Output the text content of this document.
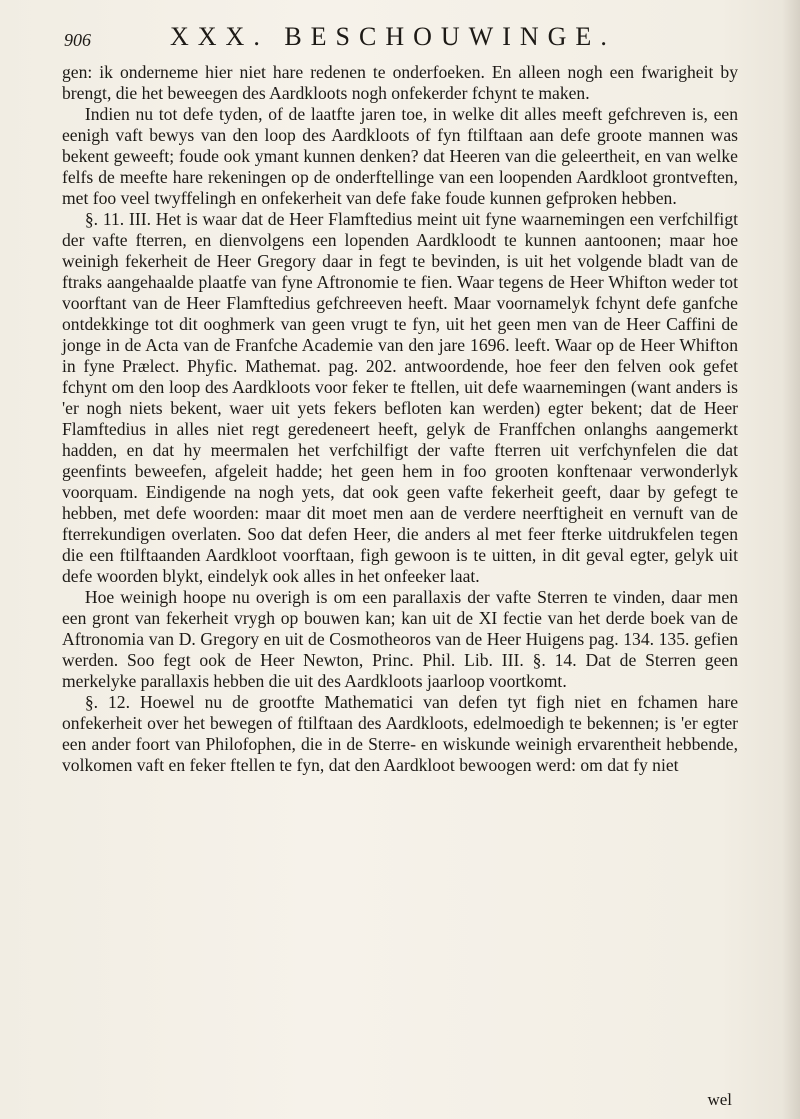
906	XXX. BESCHOUWINGE.

gen: ik onderneme hier niet hare redenen te onderfoeken. En alleen nogh een fwarigheit by brengt, die het beweegen des Aardkloots nogh onfekerder fchynt te maken.

Indien nu tot defe tyden, of de laatfte jaren toe, in welke dit alles meeft gefchreven is, een eenigh vaft bewys van den loop des Aardkloots of fyn ftilftaan aan defe groote mannen was bekent geweeft; foude ook ymant kunnen denken? dat Heeren van die geleertheit, en van welke felfs de meefte hare rekeningen op de onderftellinge van een loopenden Aardkloot grontveften, met foo veel twyffelingh en onfekerheit van defe fake foude kunnen gefproken hebben.

§. 11. III. Het is waar dat de Heer Flamftedius meint uit fyne waarnemingen een verfchilfigt der vafte fterren, en dienvolgens een lopenden Aardkloodt te kunnen aantoonen; maar hoe weinigh fekerheit de Heer Gregory daar in fegt te bevinden, is uit het volgende bladt van de ftraks aangehaalde plaatfe van fyne Aftronomie te fien. Waar tegens de Heer Whifton weder tot voorftant van de Heer Flamftedius gefchreeven heeft. Maar voornamelyk fchynt defe ganfche ontdekkinge tot dit ooghmerk van geen vrugt te fyn, uit het geen men van de Heer Caffini de jonge in de Acta van de Franfche Academie van den jare 1696. leeft. Waar op de Heer Whifton in fyne Prælect. Phyfic. Mathemat. pag. 202. antwoordende, hoe feer den felven ook gefet fchynt om den loop des Aardkloots voor feker te ftellen, uit defe waarnemingen (want anders is 'er nogh niets bekent, waer uit yets fekers befloten kan werden) egter bekent; dat de Heer Flamftedius in alles niet regt geredeneert heeft, gelyk de Franffchen onlanghs aangemerkt hadden, en dat hy meermalen het verfchilfigt der vafte fterren uit verfchynfelen die dat geenfints beweefen, afgeleit hadde; het geen hem in foo grooten konftenaar verwonderlyk voorquam. Eindigende na nogh yets, dat ook geen vafte fekerheit geeft, daar by gefegt te hebben, met defe woorden: maar dit moet men aan de verdere neerftigheit en vernuft van de fterrekundigen overlaten. Soo dat defen Heer, die anders al met feer fterke uitdrukfelen tegen die een ftilftaanden Aardkloot voorftaan, figh gewoon is te uitten, in dit geval egter, gelyk uit defe woorden blykt, eindelyk ook alles in het onfeeker laat.

Hoe weinigh hoope nu overigh is om een parallaxis der vafte Sterren te vinden, daar men een gront van fekerheit vrygh op bouwen kan; kan uit de XI fectie van het derde boek van de Aftronomia van D. Gregory en uit de Cosmotheoros van de Heer Huigens pag. 134. 135. gefien werden. Soo fegt ook de Heer Newton, Princ. Phil. Lib. III. §. 14. Dat de Sterren geen merkelyke parallaxis hebben die uit des Aardkloots jaarloop voortkomt.

§. 12. Hoewel nu de grootfte Mathematici van defen tyt figh niet en fchamen hare onfekerheit over het bewegen of ftilftaan des Aardkloots, edelmoedigh te bekennen; is 'er egter een ander foort van Philofophen, die in de Sterre- en wiskunde weinigh ervarentheit hebbende, volkomen vaft en feker ftellen te fyn, dat den Aardkloot bewoogen werd: om dat fy niet

wel
